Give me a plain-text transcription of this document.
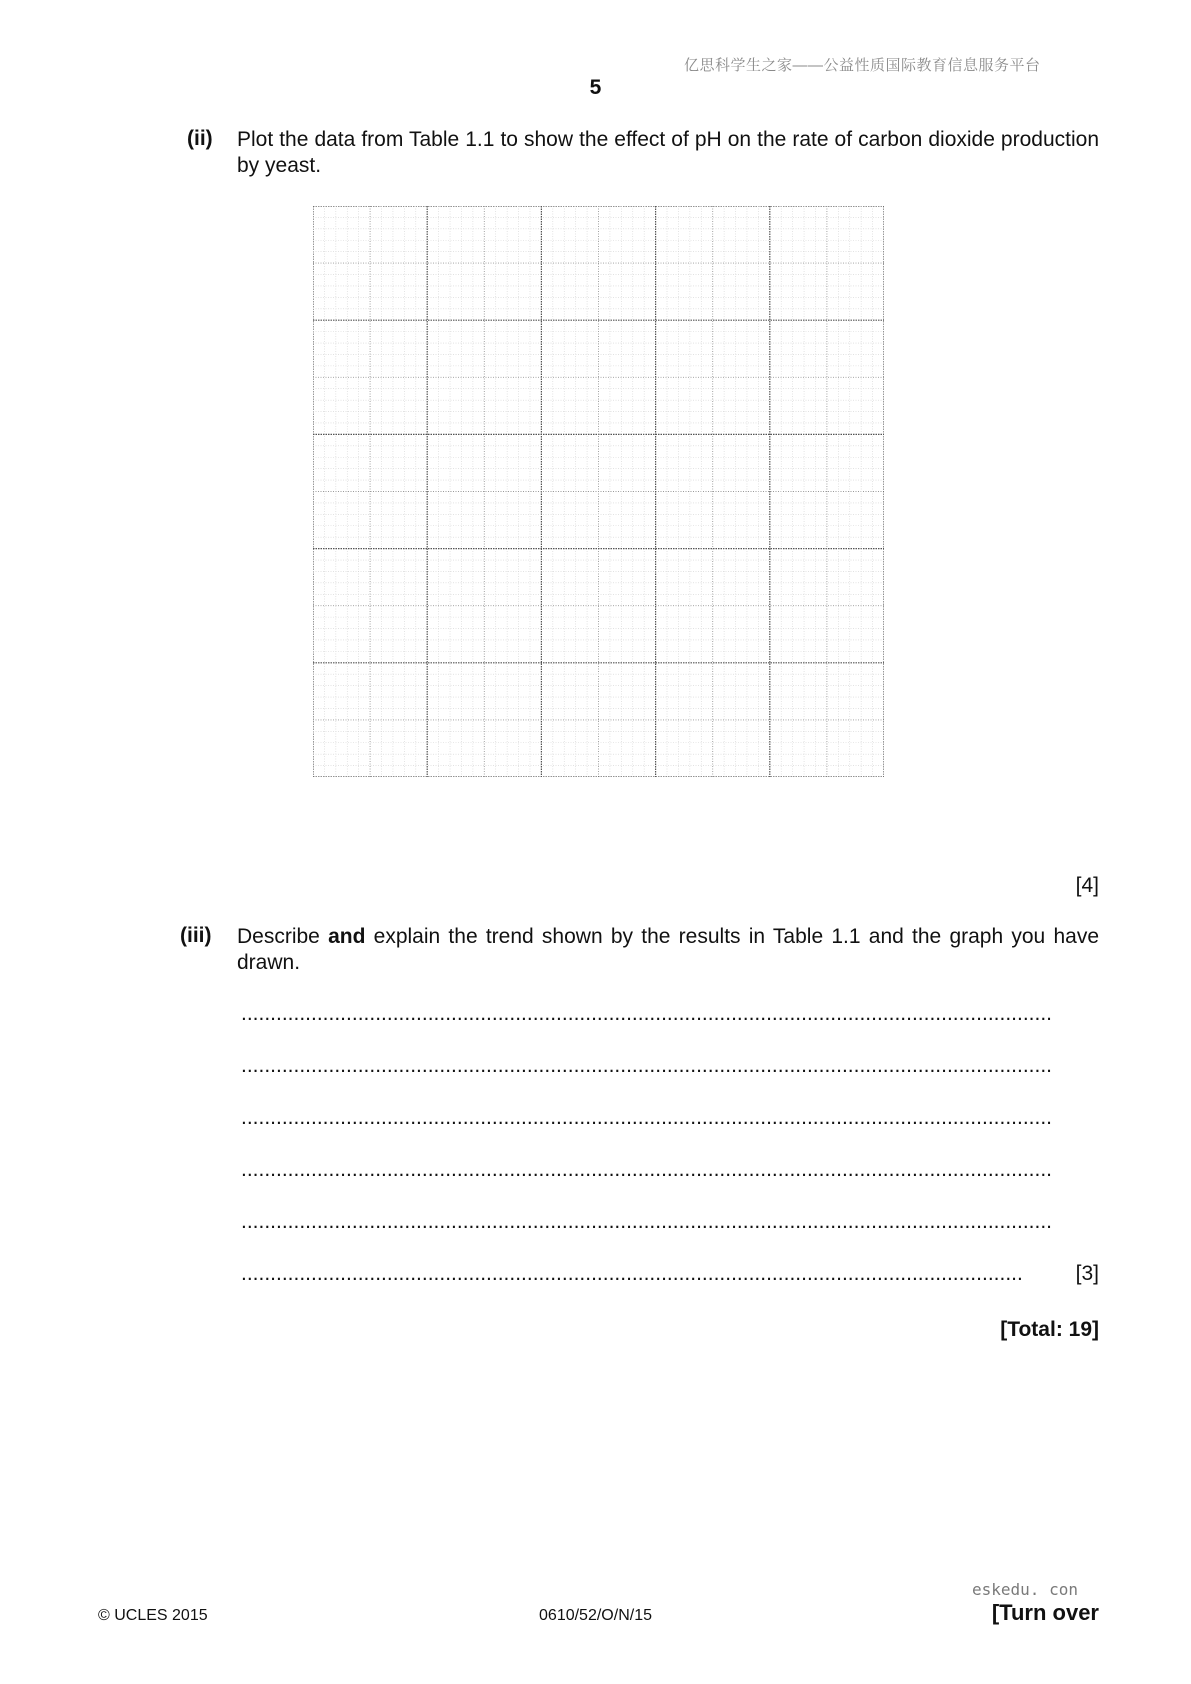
亿思科学生之家——公益性质国际教育信息服务平台
5
(ii) Plot the data from Table 1.1 to show the effect of pH on the rate of carbon dioxide production by yeast.
[4]
(iii) Describe and explain the trend shown by the results in Table 1.1 and the graph you have drawn.
...........................................................................................................................................
...........................................................................................................................................
...........................................................................................................................................
...........................................................................................................................................
...........................................................................................................................................
......................................................................................................................................	[3]
[Total: 19]
eskedu. con
© UCLES 2015	0610/52/O/N/15	[Turn over
